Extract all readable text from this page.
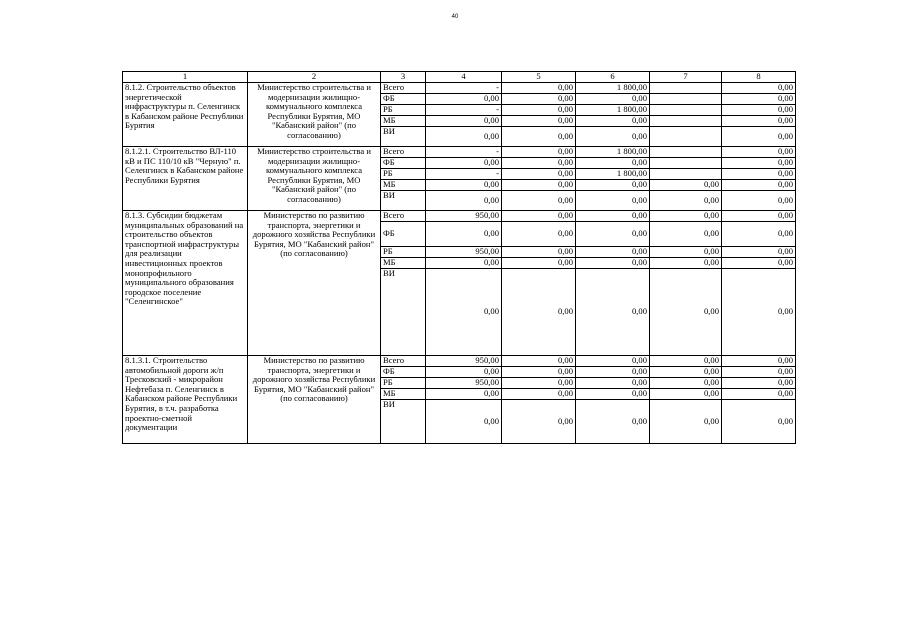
40
1	2	3	4	5	6	7	8
8.1.2. Строительство объектов энергетической инфраструктуры п. Селенгинск в Кабанском районе Республики Бурятия	Министерство строительства и модернизации жилищно-коммунального комплекса Республики Бурятия, МО "Кабанский район" (по согласованию)	Всего	-	0,00	1 800,00		0,00
		ФБ	0,00	0,00	0,00		0,00
		РБ	-	0,00	1 800,00		0,00
		МБ	0,00	0,00	0,00		0,00
		ВИ	0,00	0,00	0,00		0,00
8.1.2.1. Строительство ВЛ-110 кВ и ПС 110/10 кВ "Черную" п. Селенгинск в Кабанском районе Республики Бурятия	Министерство строительства и модернизации жилищно-коммунального комплекса Республики Бурятия, МО "Кабанский район" (по согласованию)	Всего	-	0,00	1 800,00		0,00
		ФБ	0,00	0,00	0,00		0,00
		РБ	-	0,00	1 800,00		0,00
		МБ	0,00	0,00	0,00	0,00	0,00
		ВИ	0,00	0,00	0,00	0,00	0,00
8.1.3. Субсидии бюджетам муниципальных образований на строительство объектов транспортной инфраструктуры для реализации инвестиционных проектов монопрофильного муниципального образования городское поселение "Селенгинское"	Министерство по развитию транспорта, энергетики и дорожного хозяйства Республики Бурятия, МО "Кабанский район" (по согласованию)	Всего	950,00	0,00	0,00	0,00	0,00
		ФБ	0,00	0,00	0,00	0,00	0,00
		РБ	950,00	0,00	0,00	0,00	0,00
		МБ	0,00	0,00	0,00	0,00	0,00
		ВИ	0,00	0,00	0,00	0,00	0,00
8.1.3.1. Строительство автомобильной дороги ж/п Тресковский - микрорайон Нефтебаза п. Селенгинск в Кабанском районе Республики Бурятия, в т.ч. разработка проектно-сметной документации	Министерство по развитию транспорта, энергетики и дорожного хозяйства Республики Бурятия, МО "Кабанский район" (по согласованию)	Всего	950,00	0,00	0,00	0,00	0,00
		ФБ	0,00	0,00	0,00	0,00	0,00
		РБ	950,00	0,00	0,00	0,00	0,00
		МБ	0,00	0,00	0,00	0,00	0,00
		ВИ	0,00	0,00	0,00	0,00	0,00
